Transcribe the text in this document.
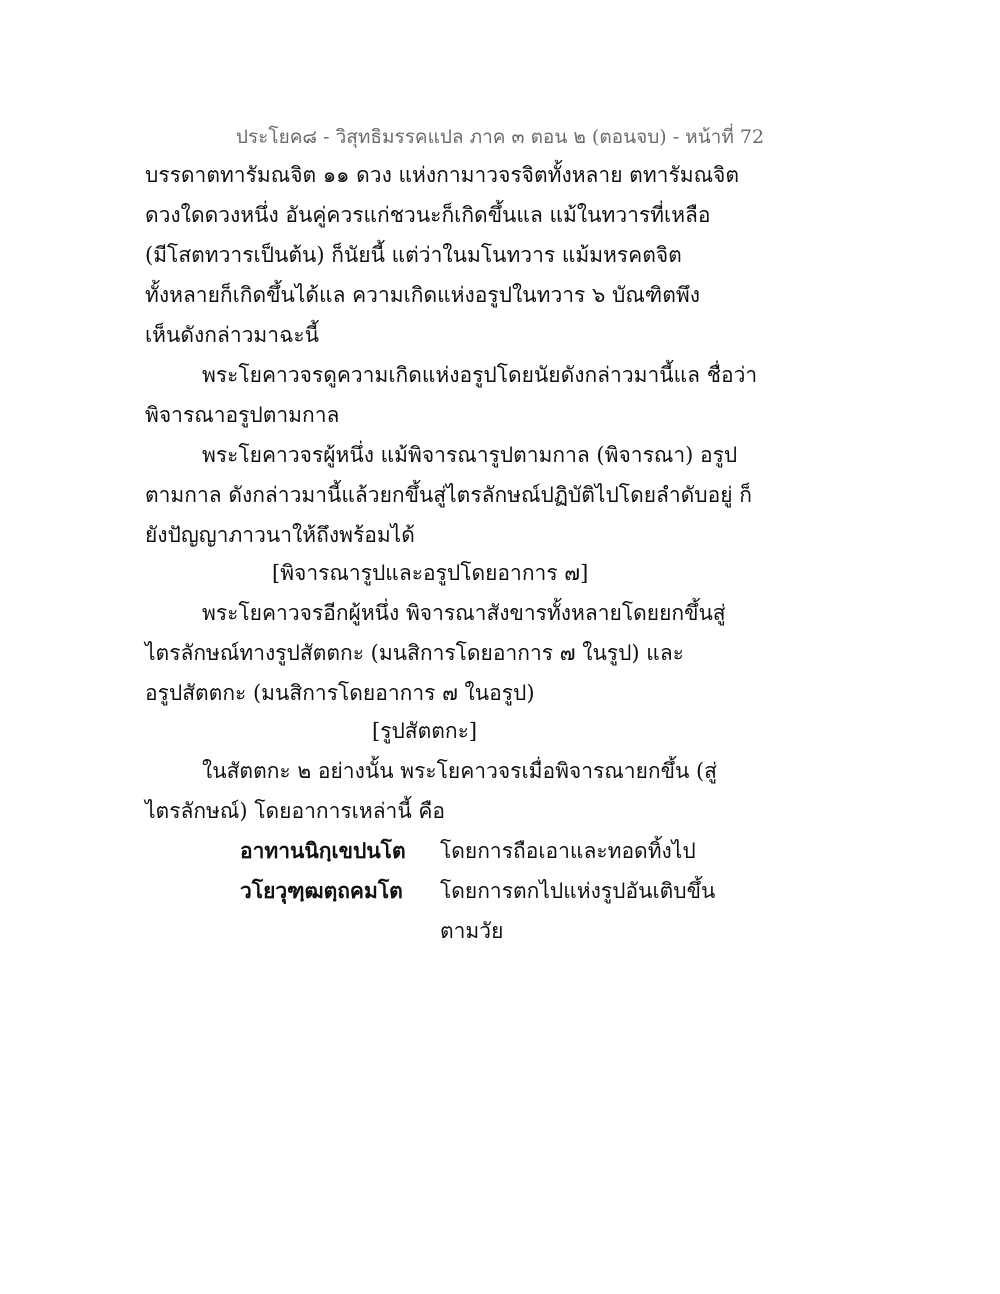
ประโยค๘ - วิสุทธิมรรคแปล ภาค ๓ ตอน ๒ (ตอนจบ) - หน้าที่ 72
บรรดาตทารัมณจิต ๑๑ ดวง แห่งกามาวจรจิตทั้งหลาย ตทารัมณจิต
ดวงใดดวงหนึ่ง อันคู่ควรแก่ชวนะก็เกิดขึ้นแล แม้ในทวารที่เหลือ
(มีโสตทวารเป็นต้น) ก็นัยนี้ แต่ว่าในมโนทวาร แม้มหรคตจิต
ทั้งหลายก็เกิดขึ้นได้แล ความเกิดแห่งอรูปในทวาร ๖ บัณฑิตพึง
เห็นดังกล่าวมาฉะนี้
พระโยคาวจรดูความเกิดแห่งอรูปโดยนัยดังกล่าวมานี้แล ชื่อว่า
พิจารณาอรูปตามกาล
พระโยคาวจรผู้หนึ่ง แม้พิจารณารูปตามกาล (พิจารณา) อรูป
ตามกาล ดังกล่าวมานี้แล้วยกขึ้นสู่ไตรลักษณ์ปฏิบัติไปโดยลำดับอยู่ ก็
ยังปัญญาภาวนาให้ถึงพร้อมได้
[พิจารณารูปและอรูปโดยอาการ ๗]
พระโยคาวจรอีกผู้หนึ่ง พิจารณาสังขารทั้งหลายโดยยกขึ้นสู่
ไตรลักษณ์ทางรูปสัตตกะ (มนสิการโดยอาการ ๗ ในรูป) และ
อรูปสัตตกะ (มนสิการโดยอาการ ๗ ในอรูป)
[รูปสัตตกะ]
ในสัตตกะ ๒ อย่างนั้น พระโยคาวจรเมื่อพิจารณายกขึ้น (สู่
ไตรลักษณ์) โดยอาการเหล่านี้ คือ
อาทานนิกฺเขปนโต โดยการถือเอาและทอดทิ้งไป
วโยวุฑฺฒตฺถคมโต โดยการตกไปแห่งรูปอันเติบขึ้น
ตามวัย
